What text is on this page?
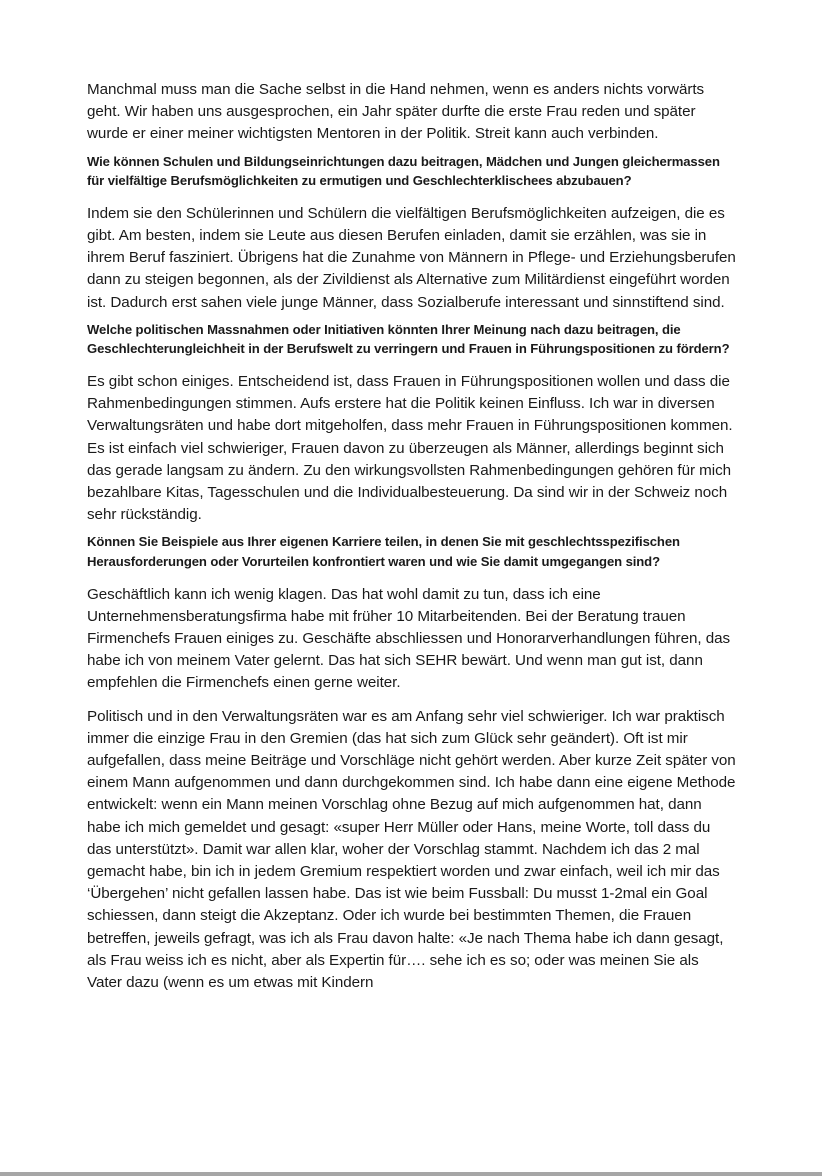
Manchmal muss man die Sache selbst in die Hand nehmen, wenn es anders nichts vorwärts geht. Wir haben uns ausgesprochen, ein Jahr später durfte die erste Frau reden und später wurde er einer meiner wichtigsten Mentoren in der Politik. Streit kann auch verbinden.

Wie können Schulen und Bildungseinrichtungen dazu beitragen, Mädchen und Jungen gleichermassen für vielfältige Berufsmöglichkeiten zu ermutigen und Geschlechterklischees abzubauen?

Indem sie den Schülerinnen und Schülern die vielfältigen Berufsmöglichkeiten aufzeigen, die es gibt. Am besten, indem sie Leute aus diesen Berufen einladen, damit sie erzählen, was sie in ihrem Beruf fasziniert. Übrigens hat die Zunahme von Männern in Pflege- und Erziehungsberufen dann zu steigen begonnen, als der Zivildienst als Alternative zum Militärdienst eingeführt worden ist. Dadurch erst sahen viele junge Männer, dass Sozialberufe interessant und sinnstiftend sind.

Welche politischen Massnahmen oder Initiativen könnten Ihrer Meinung nach dazu beitragen, die Geschlechterungleichheit in der Berufswelt zu verringern und Frauen in Führungspositionen zu fördern?

Es gibt schon einiges. Entscheidend ist, dass Frauen in Führungspositionen wollen und dass die Rahmenbedingungen stimmen. Aufs erstere hat die Politik keinen Einfluss. Ich war in diversen Verwaltungsräten und habe dort mitgeholfen, dass mehr Frauen in Führungspositionen kommen. Es ist einfach viel schwieriger, Frauen davon zu überzeugen als Männer, allerdings beginnt sich das gerade langsam zu ändern. Zu den wirkungsvollsten Rahmenbedingungen gehören für mich bezahlbare Kitas, Tagesschulen und die Individualbesteuerung. Da sind wir in der Schweiz noch sehr rückständig.

Können Sie Beispiele aus Ihrer eigenen Karriere teilen, in denen Sie mit geschlechtsspezifischen Herausforderungen oder Vorurteilen konfrontiert waren und wie Sie damit umgegangen sind?

Geschäftlich kann ich wenig klagen. Das hat wohl damit zu tun, dass ich eine Unternehmensberatungsfirma habe mit früher 10 Mitarbeitenden. Bei der Beratung trauen Firmenchefs Frauen einiges zu. Geschäfte abschliessen und Honorarverhandlungen führen, das habe ich von meinem Vater gelernt. Das hat sich SEHR bewärt. Und wenn man gut ist, dann empfehlen die Firmenchefs einen gerne weiter.

Politisch und in den Verwaltungsräten war es am Anfang sehr viel schwieriger. Ich war praktisch immer die einzige Frau in den Gremien (das hat sich zum Glück sehr geändert). Oft ist mir aufgefallen, dass meine Beiträge und Vorschläge nicht gehört werden. Aber kurze Zeit später von einem Mann aufgenommen und dann durchgekommen sind. Ich habe dann eine eigene Methode entwickelt: wenn ein Mann meinen Vorschlag ohne Bezug auf mich aufgenommen hat, dann habe ich mich gemeldet und gesagt: «super Herr Müller oder Hans, meine Worte, toll dass du das unterstützt». Damit war allen klar, woher der Vorschlag stammt. Nachdem ich das 2 mal gemacht habe, bin ich in jedem Gremium respektiert worden und zwar einfach, weil ich mir das ‘Übergehen’ nicht gefallen lassen habe. Das ist wie beim Fussball: Du musst 1-2mal ein Goal schiessen, dann steigt die Akzeptanz. Oder ich wurde bei bestimmten Themen, die Frauen betreffen, jeweils gefragt, was ich als Frau davon halte: «Je nach Thema habe ich dann gesagt, als Frau weiss ich es nicht, aber als Expertin für…. sehe ich es so; oder was meinen Sie als Vater dazu (wenn es um etwas mit Kindern
